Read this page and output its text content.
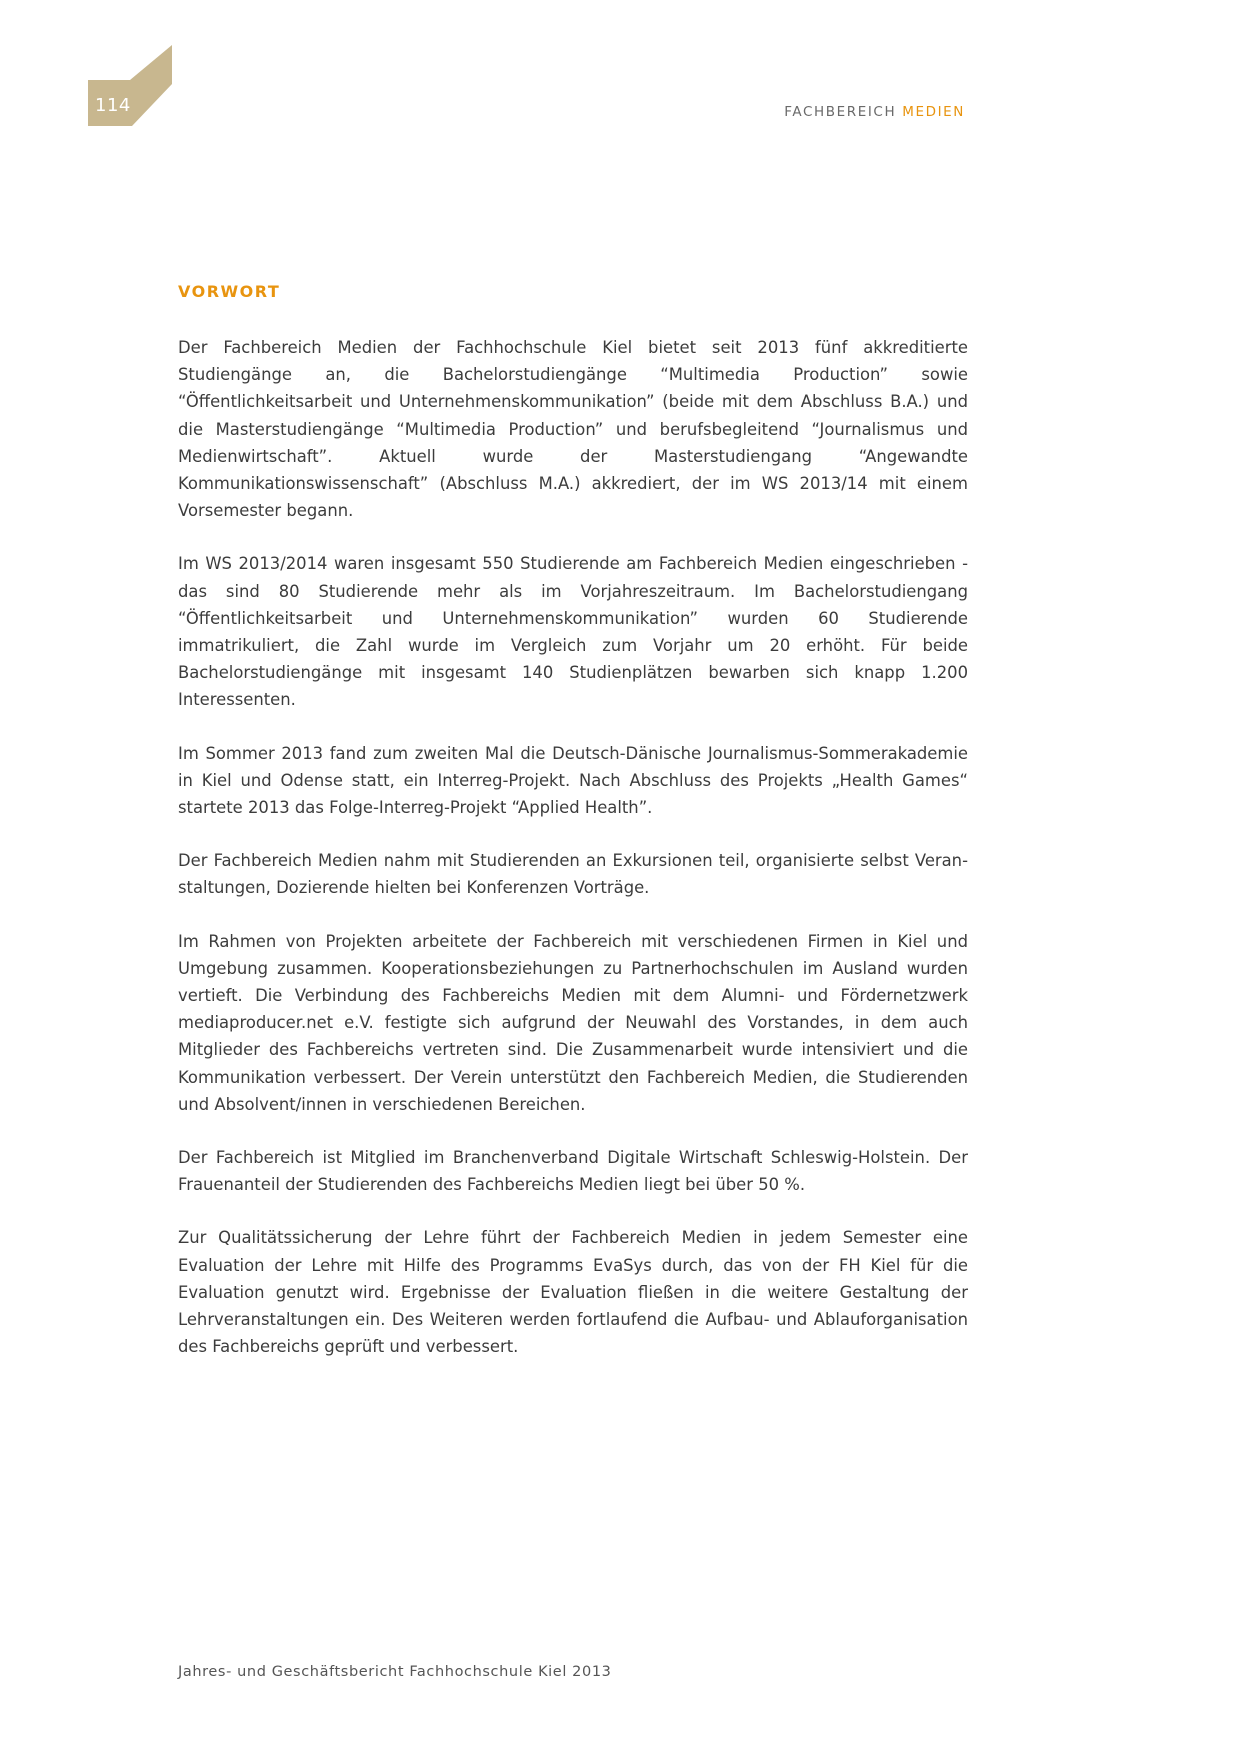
114	FACHBEREICH MEDIEN
VORWORT

Der Fachbereich Medien der Fachhochschule Kiel bietet seit 2013 fünf akkreditierte Studiengänge an, die Bachelorstudiengänge “Multimedia Production” sowie “Öffentlichkeitsarbeit und Unternehmenskommunikation” (beide mit dem Abschluss B.A.) und die Masterstudiengänge “Multimedia Production” und berufsbegleitend “Journalismus und Medienwirtschaft”. Aktuell wurde der Masterstudiengang “Angewandte Kommunikationswissenschaft” (Abschluss M.A.) akkrediert, der im WS 2013/14 mit einem Vorsemester begann.

Im WS 2013/2014 waren insgesamt 550 Studierende am Fachbereich Medien eingeschrieben - das sind 80 Studierende mehr als im Vorjahreszeitraum. Im Bachelorstudiengang “Öffentlichkeitsarbeit und Unternehmenskommunikation” wurden 60 Studierende immatrikuliert, die Zahl wurde im Vergleich zum Vorjahr um 20 erhöht. Für beide Bachelorstudiengänge mit insgesamt 140 Studienplätzen bewarben sich knapp 1.200 Interessenten.

Im Sommer 2013 fand zum zweiten Mal die Deutsch-Dänische Journalismus-Sommerakademie in Kiel und Odense statt, ein Interreg-Projekt. Nach Abschluss des Projekts „Health Games“ startete 2013 das Folge-Interreg-Projekt “Applied Health”.

Der Fachbereich Medien nahm mit Studierenden an Exkursionen teil, organisierte selbst Veranstaltungen, Dozierende hielten bei Konferenzen Vorträge.

Im Rahmen von Projekten arbeitete der Fachbereich mit verschiedenen Firmen in Kiel und Umgebung zusammen. Kooperationsbeziehungen zu Partnerhochschulen im Ausland wurden vertieft. Die Verbindung des Fachbereichs Medien mit dem Alumni- und Fördernetzwerk mediaproducer.​net e.V. festigte sich aufgrund der Neuwahl des Vorstandes, in dem auch Mitglieder des Fachbereichs vertreten sind. Die Zusammenarbeit wurde intensiviert und die Kommunikation verbessert. Der Verein unterstützt den Fachbereich Medien, die Studierenden und Absolvent/innen in verschiedenen Bereichen.

Der Fachbereich ist Mitglied im Branchenverband Digitale Wirtschaft Schleswig-Holstein. Der Frauenanteil der Studierenden des Fachbereichs Medien liegt bei über 50 %.

Zur Qualitätssicherung der Lehre führt der Fachbereich Medien in jedem Semester eine Evaluation der Lehre mit Hilfe des Programms EvaSys durch, das von der FH Kiel für die Evaluation genutzt wird. Ergebnisse der Evaluation fließen in die weitere Gestaltung der Lehrveranstaltungen ein. Des Weiteren werden fortlaufend die Aufbau- und Ablauforganisation des Fachbereichs geprüft und verbessert.

Jahres- und Geschäftsbericht Fachhochschule Kiel 2013
